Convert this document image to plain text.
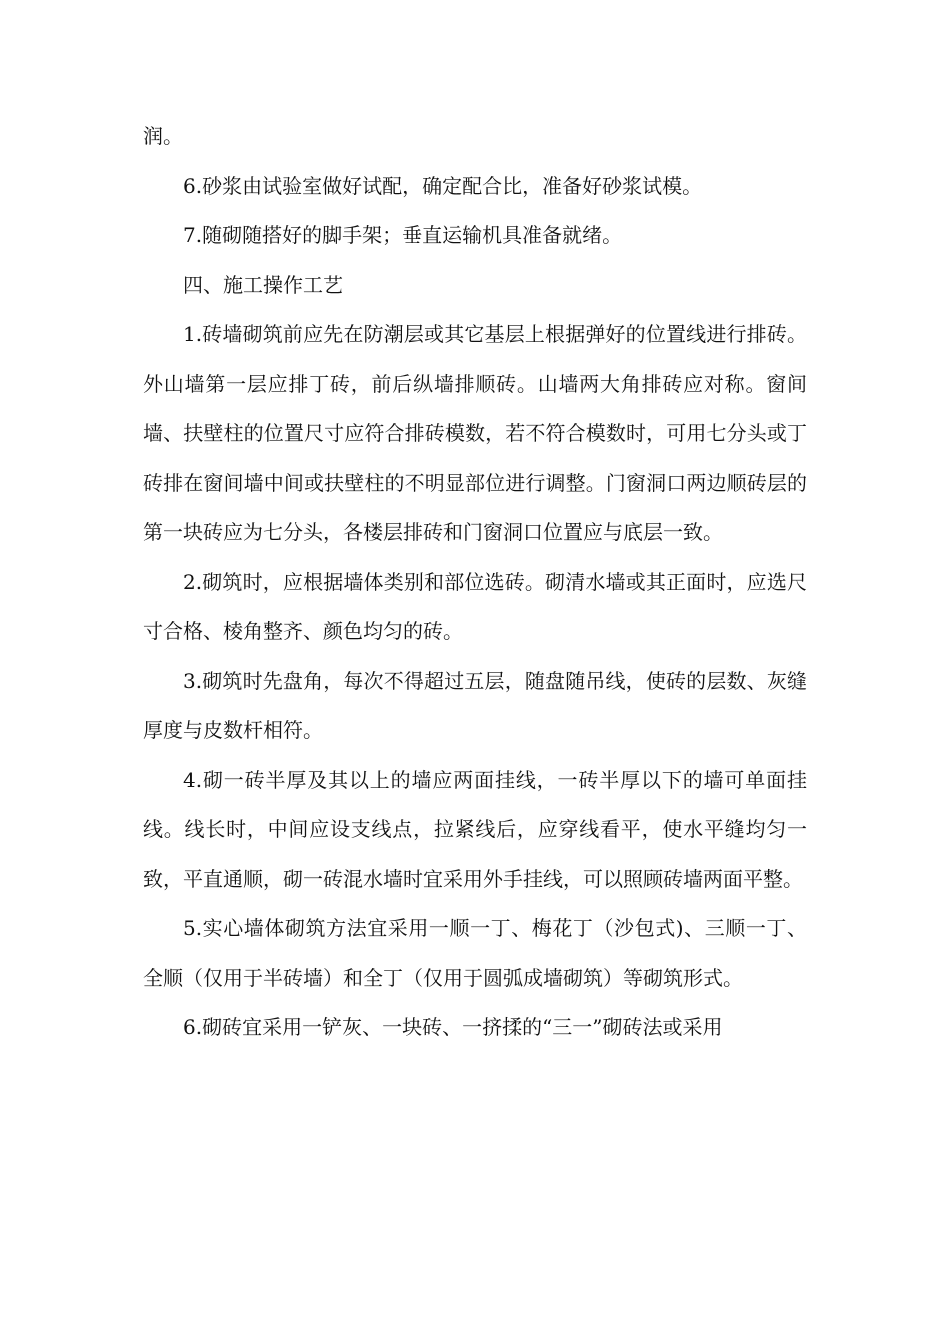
润。

6.砂浆由试验室做好试配，确定配合比，准备好砂浆试模。

7.随砌随搭好的脚手架；垂直运输机具准备就绪。

四、施工操作工艺

1.砖墙砌筑前应先在防潮层或其它基层上根据弹好的位置线进行排砖。外山墙第一层应排丁砖，前后纵墙排顺砖。山墙两大角排砖应对称。窗间墙、扶壁柱的位置尺寸应符合排砖模数，若不符合模数时，可用七分头或丁砖排在窗间墙中间或扶壁柱的不明显部位进行调整。门窗洞口两边顺砖层的第一块砖应为七分头，各楼层排砖和门窗洞口位置应与底层一致。

2.砌筑时，应根据墙体类别和部位选砖。砌清水墙或其正面时，应选尺寸合格、棱角整齐、颜色均匀的砖。

3.砌筑时先盘角，每次不得超过五层，随盘随吊线，使砖的层数、灰缝厚度与皮数杆相符。

4.砌一砖半厚及其以上的墙应两面挂线，一砖半厚以下的墙可单面挂线。线长时，中间应设支线点，拉紧线后，应穿线看平，使水平缝均匀一致，平直通顺，砌一砖混水墙时宜采用外手挂线，可以照顾砖墙两面平整。

5.实心墙体砌筑方法宜采用一顺一丁、梅花丁（沙包式)、三顺一丁、全顺（仅用于半砖墙）和全丁（仅用于圆弧成墙砌筑）等砌筑形式。

6.砌砖宜采用一铲灰、一块砖、一挤揉的“三一”砌砖法或采用
